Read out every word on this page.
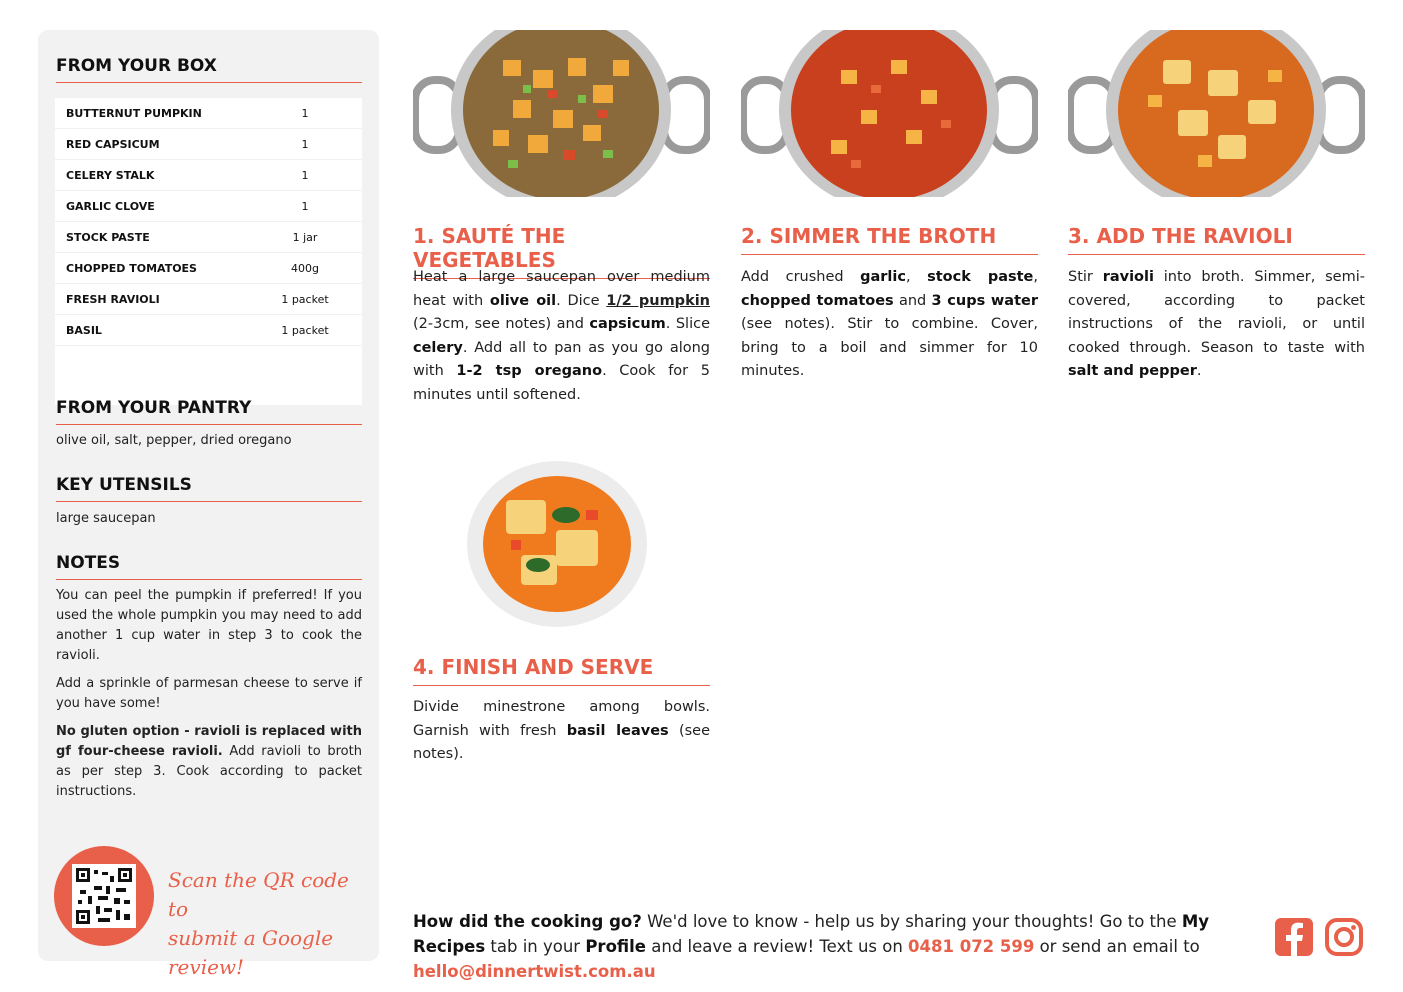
FROM YOUR BOX
BUTTERNUT PUMPKIN	1
RED CAPSICUM	1
CELERY STALK	1
GARLIC CLOVE	1
STOCK PASTE	1 jar
CHOPPED TOMATOES	400g
FRESH RAVIOLI	1 packet
BASIL	1 packet
FROM YOUR PANTRY
olive oil, salt, pepper, dried oregano
KEY UTENSILS
large saucepan
NOTES

You can peel the pumpkin if preferred! If you used the whole pumpkin you may need to add another 1 cup water in step 3 to cook the ravioli.

Add a sprinkle of parmesan cheese to serve if you have some!

No gluten option - ravioli is replaced with gf four-cheese ravioli. Add ravioli to broth as per step 3. Cook according to packet instructions.

Scan the QR code to
submit a Google review!
1. SAUTÉ THE VEGETABLES
Heat a large saucepan over medium heat with olive oil. Dice 1/2 pumpkin (2-3cm, see notes) and capsicum. Slice celery. Add all to pan as you go along with 1-2 tsp oregano. Cook for 5 minutes until softened.
2. SIMMER THE BROTH
Add crushed garlic, stock paste, chopped tomatoes and 3 cups water (see notes). Stir to combine. Cover, bring to a boil and simmer for 10 minutes.
3. ADD THE RAVIOLI
Stir ravioli into broth. Simmer, semi-covered, according to packet instructions of the ravioli, or until cooked through. Season to taste with salt and pepper.
4. FINISH AND SERVE
Divide minestrone among bowls. Garnish with fresh basil leaves (see notes).
How did the cooking go? We'd love to know - help us by sharing your thoughts! Go to the My Recipes tab in your Profile and leave a review! Text us on 0481 072 599 or send an email to hello@dinnertwist.com.au
